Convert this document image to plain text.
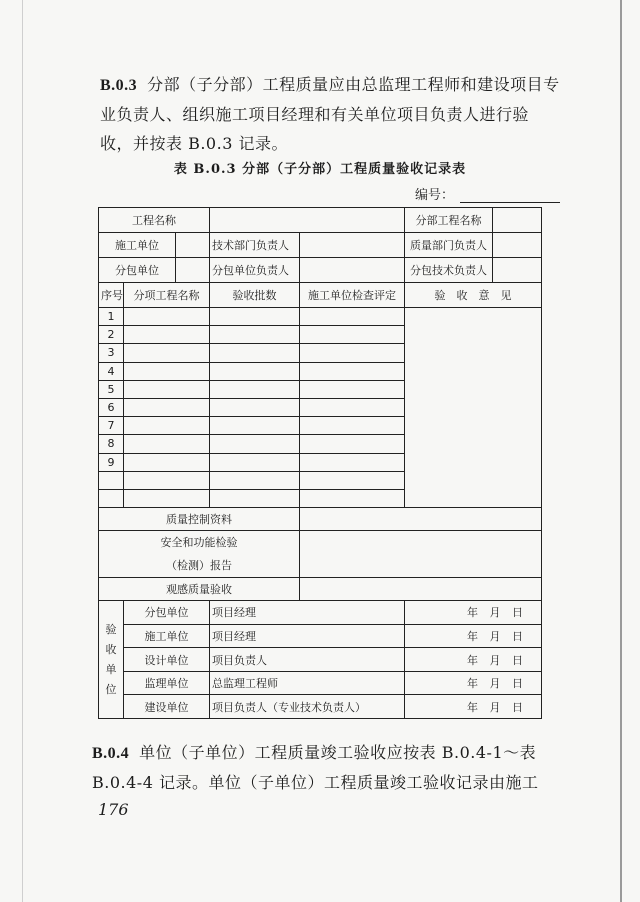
B.0.3 分部（子分部）工程质量应由总监理工程师和建设项目专业负责人、组织施工项目经理和有关单位项目负责人进行验收，并按表 B.0.3 记录。
表 B.0.3 分部（子分部）工程质量验收记录表
编号：
工程名称					分部工程名称	
施工单位			技术部门负责人		质量部门负责人	
分包单位			分包单位负责人		分包技术负责人	
序号	分项工程名称		验收批数	施工单位检查评定	验　收　意　见	
1						
2						
3						
4						
5						
6						
7						
8						
9						

质量控制资料						

安全和功能检验
（检测）报告						

观感质量验收						

验
收
单
位	分包单位		项目经理		年 月 日	
	施工单位		项目经理		年 月 日	
	设计单位		项目负责人		年 月 日	
	监理单位		总监理工程师		年 月 日	
	建设单位		项目负责人（专业技术负责人）		年 月 日	
B.0.4 单位（子单位）工程质量竣工验收应按表 B.0.4-1～表 B.0.4-4 记录。单位（子单位）工程质量竣工验收记录由施工
176
